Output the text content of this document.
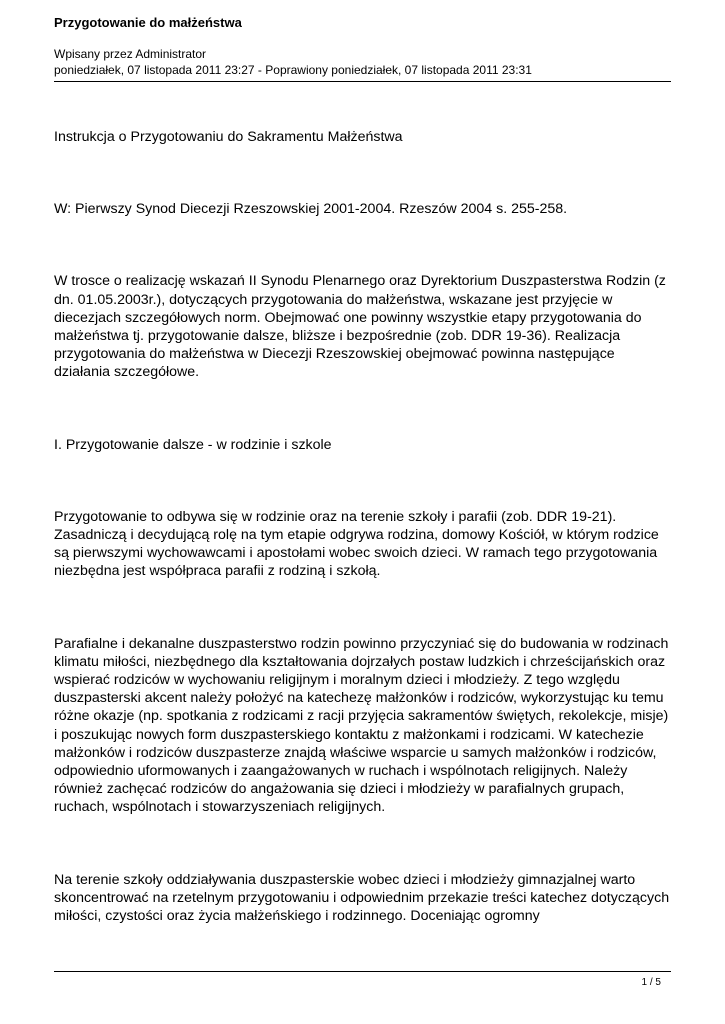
Przygotowanie do małżeństwa
Wpisany przez Administrator
poniedziałek, 07 listopada 2011 23:27 - Poprawiony poniedziałek, 07 listopada 2011 23:31

Instrukcja o Przygotowaniu do Sakramentu Małżeństwa

W: Pierwszy Synod Diecezji Rzeszowskiej 2001-2004. Rzeszów 2004 s. 255-258.

W trosce o realizację wskazań II Synodu Plenarnego oraz Dyrektorium Duszpasterstwa Rodzin (z dn. 01.05.2003r.), dotyczących przygotowania do małżeństwa, wskazane jest przyjęcie w diecezjach szczegółowych norm. Obejmować one powinny wszystkie etapy przygotowania do małżeństwa tj. przygotowanie dalsze, bliższe i bezpośrednie (zob. DDR 19-36). Realizacja przygotowania do małżeństwa w Diecezji Rzeszowskiej obejmować powinna następujące działania szczegółowe.

I. Przygotowanie dalsze - w rodzinie i szkole

Przygotowanie to odbywa się w rodzinie oraz na terenie szkoły i parafii (zob. DDR 19-21). Zasadniczą i decydującą rolę na tym etapie odgrywa rodzina, domowy Kościół, w którym rodzice są pierwszymi wychowawcami i apostołami wobec swoich dzieci. W ramach tego przygotowania niezbędna jest współpraca parafii z rodziną i szkołą.

Parafialne i dekanalne duszpasterstwo rodzin powinno przyczyniać się do budowania w rodzinach klimatu miłości, niezbędnego dla kształtowania dojrzałych postaw ludzkich i chrześcijańskich oraz wspierać rodziców w wychowaniu religijnym i moralnym dzieci i młodzieży. Z tego względu duszpasterski akcent należy położyć na katechezę małżonków i rodziców, wykorzystując ku temu różne okazje (np. spotkania z rodzicami z racji przyjęcia sakramentów świętych, rekolekcje, misje) i poszukując nowych form duszpasterskiego kontaktu z małżonkami i rodzicami. W katechezie małżonków i rodziców duszpasterze znajdą właściwe wsparcie u samych małżonków i rodziców, odpowiednio uformowanych i zaangażowanych w ruchach i wspólnotach religijnych. Należy również zachęcać rodziców do angażowania się dzieci i młodzieży w parafialnych grupach, ruchach, wspólnotach i stowarzyszeniach religijnych.

Na terenie szkoły oddziaływania duszpasterskie wobec dzieci i młodzieży gimnazjalnej warto skoncentrować na rzetelnym przygotowaniu i odpowiednim przekazie treści katechez dotyczących miłości, czystości oraz życia małżeńskiego i rodzinnego. Doceniając ogromny

1 / 5
